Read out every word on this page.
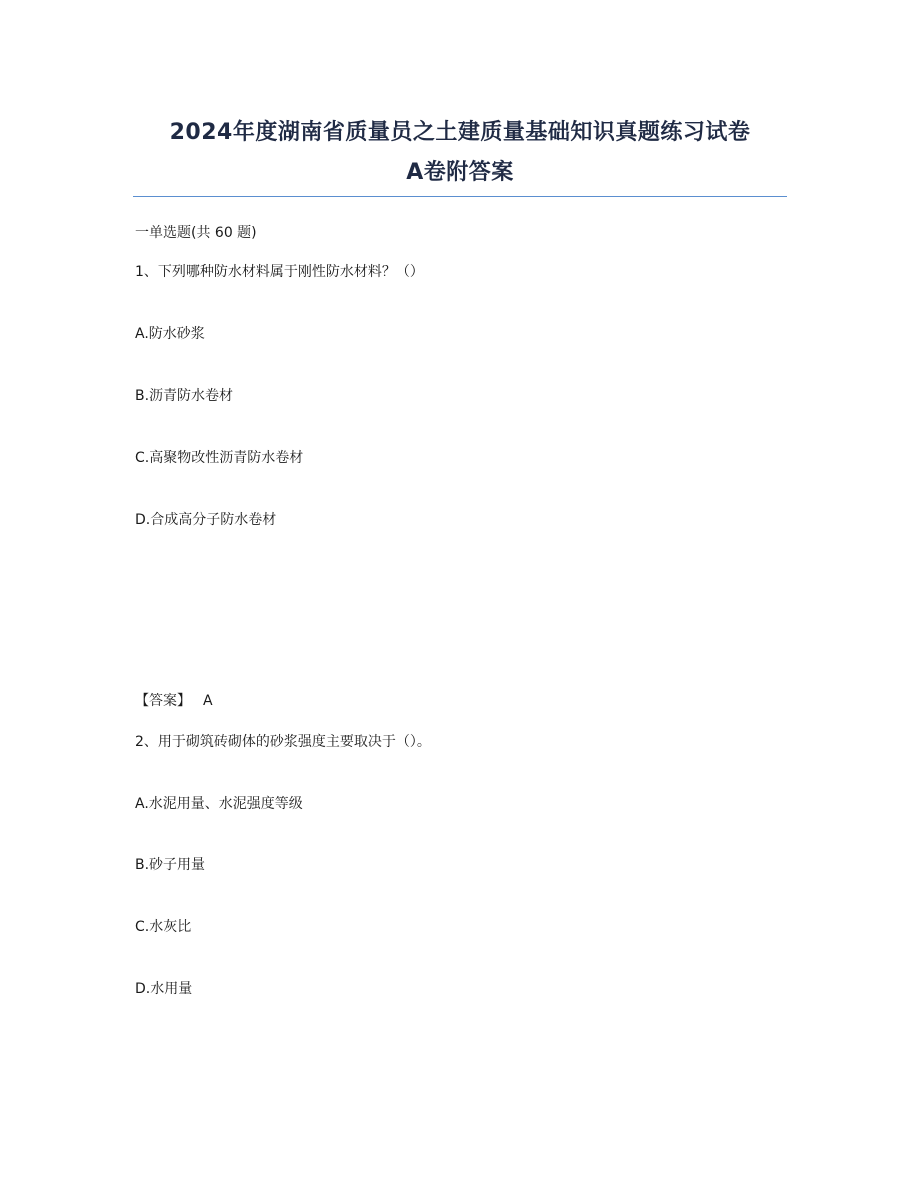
2024年度湖南省质量员之土建质量基础知识真题练习试卷
A卷附答案
一单选题(共 60 题)
1、下列哪种防水材料属于刚性防水材料？（）
A.防水砂浆
B.沥青防水卷材
C.高聚物改性沥青防水卷材
D.合成高分子防水卷材
【答案】 A
2、用于砌筑砖砌体的砂浆强度主要取决于（）。
A.水泥用量、水泥强度等级
B.砂子用量
C.水灰比
D.水用量
